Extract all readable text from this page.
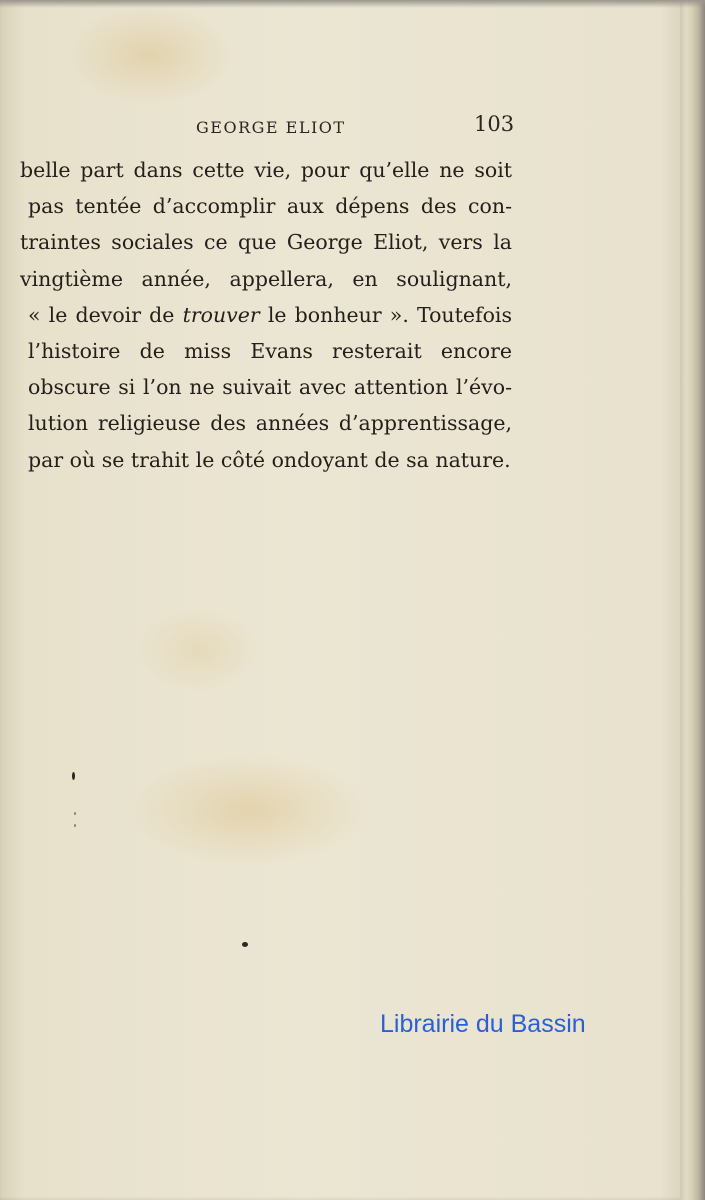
GEORGE ELIOT	103
belle part dans cette vie, pour qu’elle ne soit
pas tentée d’accomplir aux dépens des con-
traintes sociales ce que George Eliot, vers la
vingtième année, appellera, en soulignant,
« le devoir de trouver le bonheur ». Toutefois
l’histoire de miss Evans resterait encore
obscure si l’on ne suivait avec attention l’évo-
lution religieuse des années d’apprentissage,
par où se trahit le côté ondoyant de sa nature.
Librairie du Bassin
